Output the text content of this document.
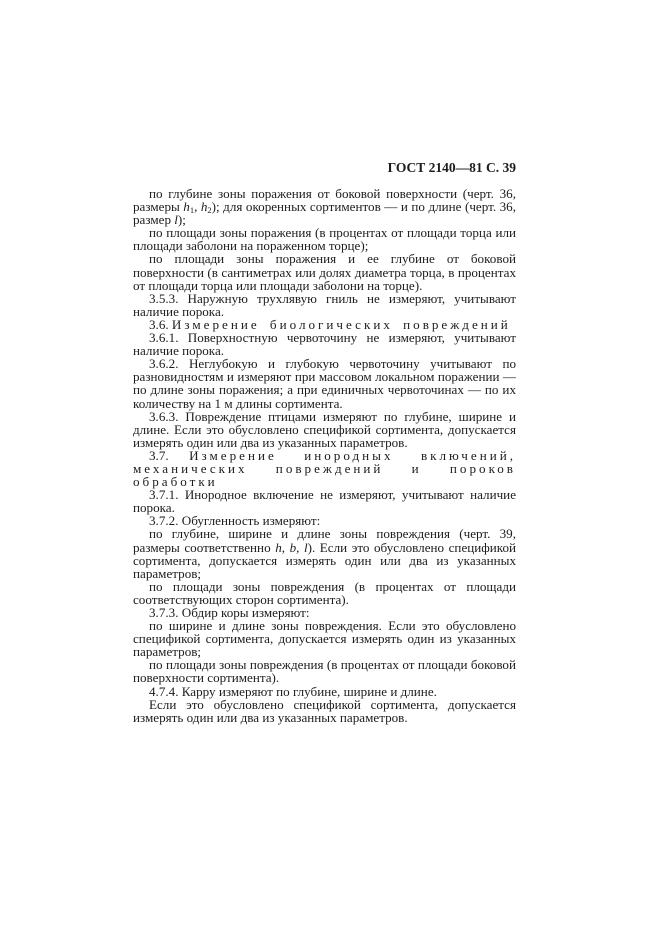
ГОСТ 2140—81 С. 39

по глубине зоны поражения от боковой поверхности (черт. 36, размеры $h_1$, $h_2$); для окоренных сортиментов — и по длине (черт. 36, размер l);

по площади зоны поражения (в процентах от площади торца или площади заболони на пораженном торце);

по площади зоны поражения и ее глубине от боковой поверхности (в сантиметрах или долях диаметра торца, в процентах от площади торца или площади заболони на торце).

3.5.3. Наружную трухлявую гниль не измеряют, учитывают наличие порока.

3.6. Измерение биологических повреждений

3.6.1. Поверхностную червоточину не измеряют, учитывают наличие порока.

3.6.2. Неглубокую и глубокую червоточину учитывают по разновидностям и измеряют при массовом локальном поражении — по длине зоны поражения; а при единичных червоточинах — по их количеству на 1 м длины сортимента.

3.6.3. Повреждение птицами измеряют по глубине, ширине и длине. Если это обусловлено спецификой сортимента, допускается измерять один или два из указанных параметров.

3.7. Измерение инородных включений, механических повреждений и пороков обработки

3.7.1. Инородное включение не измеряют, учитывают наличие порока.

3.7.2. Обугленность измеряют:

по глубине, ширине и длине зоны повреждения (черт. 39, размеры соответственно h, b, l). Если это обусловлено спецификой сортимента, допускается измерять один или два из указанных параметров;

по площади зоны повреждения (в процентах от площади соответствующих сторон сортимента).

3.7.3. Обдир коры измеряют:

по ширине и длине зоны повреждения. Если это обусловлено спецификой сортимента, допускается измерять один из указанных параметров;

по площади зоны повреждения (в процентах от площади боковой поверхности сортимента).

4.7.4. Карру измеряют по глубине, ширине и длине.

Если это обусловлено спецификой сортимента, допускается измерять один или два из указанных параметров.
